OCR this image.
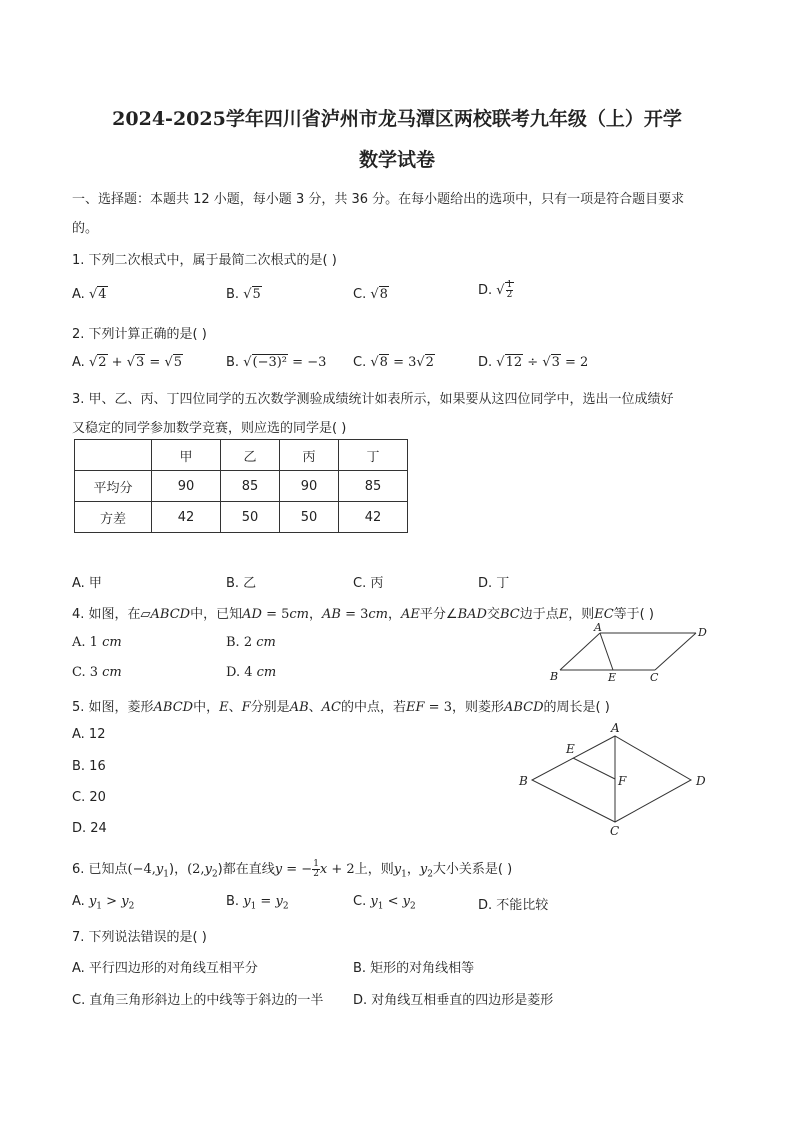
2024-2025学年四川省泸州市龙马潭区两校联考九年级（上）开学
数学试卷
一、选择题：本题共 12 小题，每小题 3 分，共 36 分。在每小题给出的选项中，只有一项是符合题目要求
的。
1. 下列二次根式中，属于最简二次根式的是( )
A. √4	B. √5	C. √8	D. √ $\frac{1}{2}$
2. 下列计算正确的是( )
A. √2 + √3 = √5	B. √(−3)² = −3 C. √8 = 3√2	D. √12 ÷ √3 = 2
3. 甲、乙、丙、丁四位同学的五次数学测验成绩统计如表所示，如果要从这四位同学中，选出一位成绩好
又稳定的同学参加数学竞赛，则应选的同学是( )
	甲	乙	丙	丁
平均分	90	85	90	85
方差	42	50	50	42
A. 甲	B. 乙	C. 丙	D. 丁
4. 如图，在▱ABCD中，已知AD = 5cm，AB = 3cm，AE平分∠BAD交BC边于点E，则EC等于( )
A. 1 cm	B. 2 cm
C. 3 cm	D. 4 cm
A	D
B	E	C
5. 如图，菱形ABCD中，E、F分别是AB、AC的中点，若EF = 3，则菱形ABCD的周长是( )
A. 12
B. 16
C. 20
D. 24
A
E
B	F	D
C
6. 已知点$(-4,y_1)$，$(2,y_2)$都在直线y = − $\frac{1}{2}$ x + 2上，则$y_1$，$y_2$大小关系是( )
A. $y_1 > y_2$	B. $y_1 = y_2$	C. $y_1 < y_2$	D. 不能比较
7. 下列说法错误的是( )
A. 平行四边形的对角线互相平分	B. 矩形的对角线相等
C. 直角三角形斜边上的中线等于斜边的一半 D. 对角线互相垂直的四边形是菱形
